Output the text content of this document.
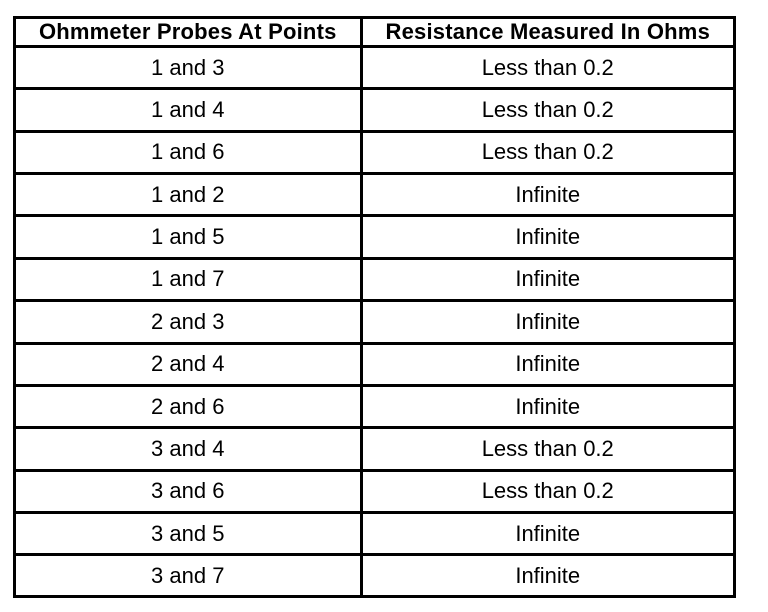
Ohmmeter Probes At Points	Resistance Measured In Ohms
1 and 3	Less than 0.2
1 and 4	Less than 0.2
1 and 6	Less than 0.2
1 and 2	Infinite
1 and 5	Infinite
1 and 7	Infinite
2 and 3	Infinite
2 and 4	Infinite
2 and 6	Infinite
3 and 4	Less than 0.2
3 and 6	Less than 0.2
3 and 5	Infinite
3 and 7	Infinite
